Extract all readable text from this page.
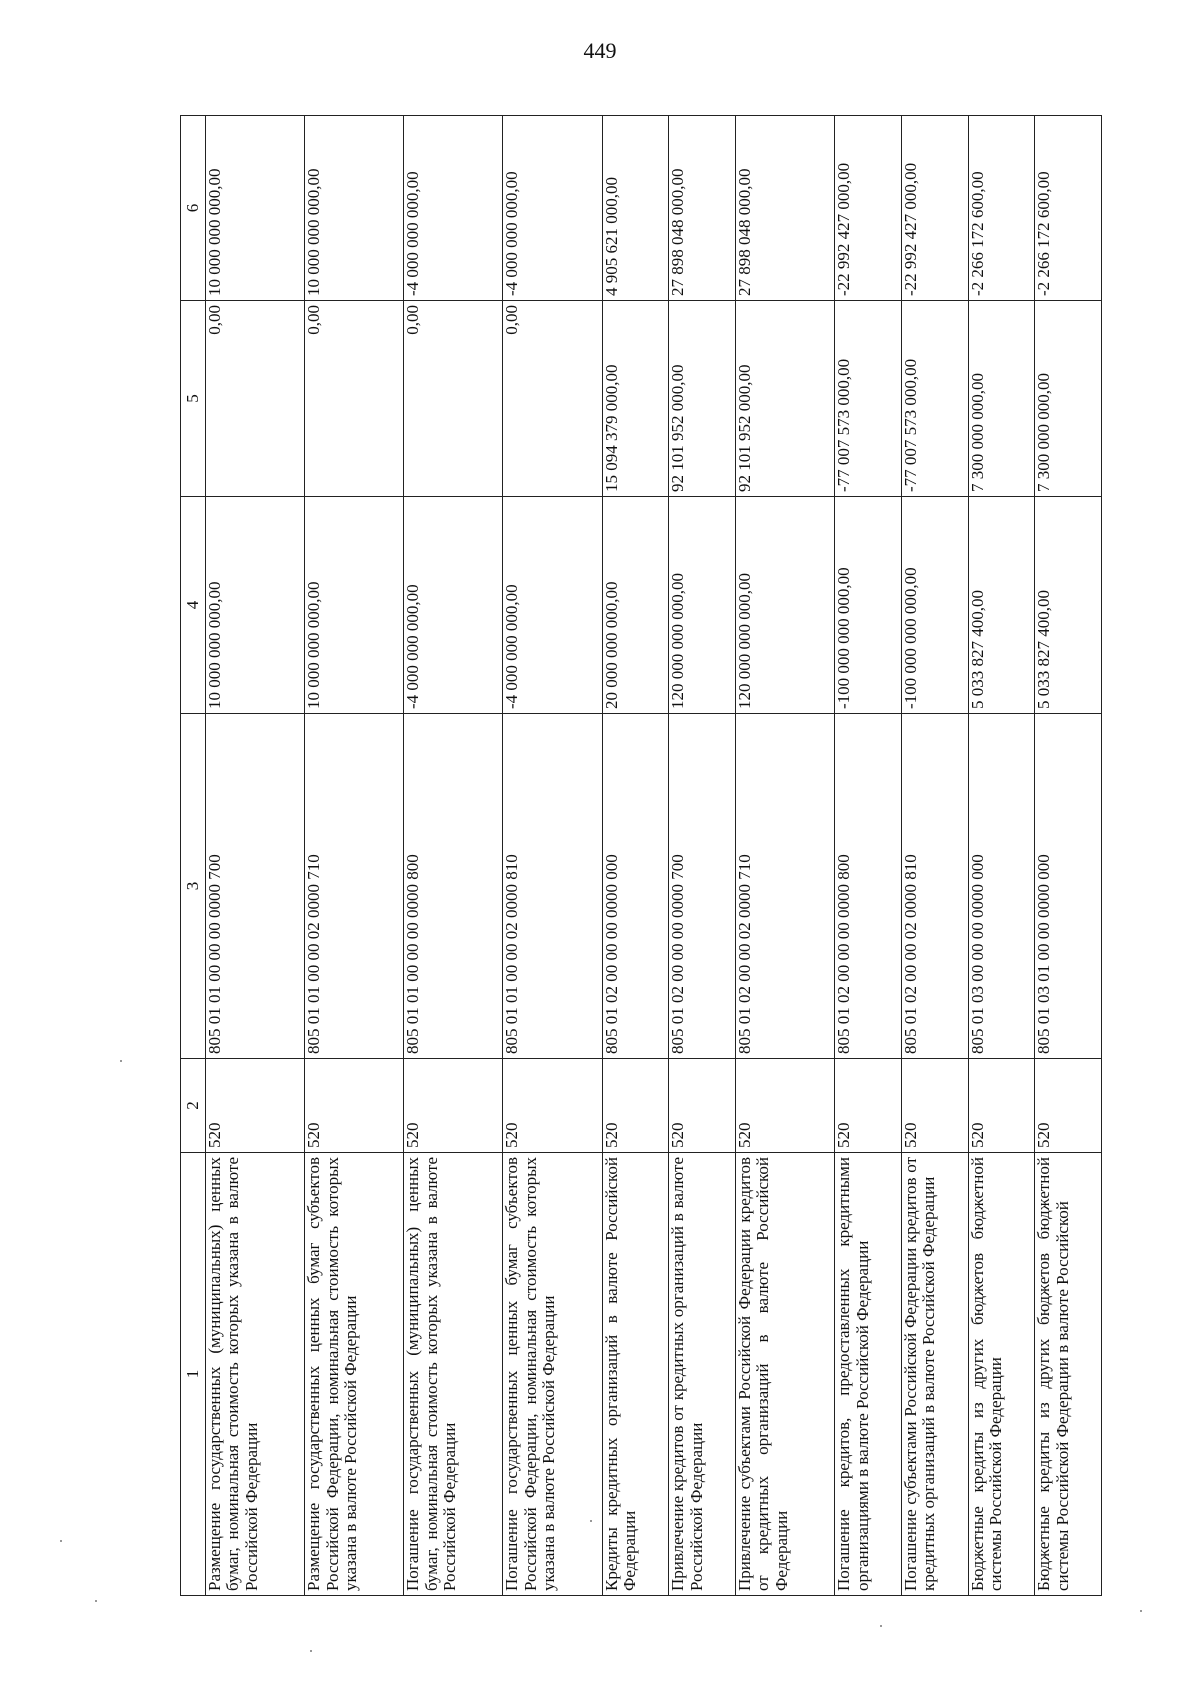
449
1	2	3	4	5	6
Размещение государственных (муниципальных) ценных бумаг, номинальная стоимость которых указана в валюте Российской Федерации	520	805 01 01 00 00 00 0000 700	10 000 000 000,00	0,00	10 000 000 000,00
Размещение государственных ценных бумаг субъектов Российской Федерации, номинальная стоимость которых указана в валюте Российской Федерации	520	805 01 01 00 00 02 0000 710	10 000 000 000,00	0,00	10 000 000 000,00
Погашение государственных (муниципальных) ценных бумаг, номинальная стоимость которых указана в валюте Российской Федерации	520	805 01 01 00 00 00 0000 800	-4 000 000 000,00	0,00	-4 000 000 000,00
Погашение государственных ценных бумаг субъектов Российской Федерации, номинальная стоимость которых указана в валюте Российской Федерации	520	805 01 01 00 00 02 0000 810	-4 000 000 000,00	0,00	-4 000 000 000,00
Кредиты кредитных организаций в валюте Российской Федерации	520	805 01 02 00 00 00 0000 000	20 000 000 000,00	15 094 379 000,00	4 905 621 000,00
Привлечение кредитов от кредитных организаций в валюте Российской Федерации	520	805 01 02 00 00 00 0000 700	120 000 000 000,00	92 101 952 000,00	27 898 048 000,00
Привлечение субъектами Российской Федерации кредитов от кредитных организаций в валюте Российской Федерации	520	805 01 02 00 00 02 0000 710	120 000 000 000,00	92 101 952 000,00	27 898 048 000,00
Погашение кредитов, предоставленных кредитными организациями в валюте Российской Федерации	520	805 01 02 00 00 00 0000 800	-100 000 000 000,00	-77 007 573 000,00	-22 992 427 000,00
Погашение субъектами Российской Федерации кредитов от кредитных организаций в валюте Российской Федерации	520	805 01 02 00 00 02 0000 810	-100 000 000 000,00	-77 007 573 000,00	-22 992 427 000,00
Бюджетные кредиты из других бюджетов бюджетной системы Российской Федерации	520	805 01 03 00 00 00 0000 000	5 033 827 400,00	7 300 000 000,00	-2 266 172 600,00
Бюджетные кредиты из других бюджетов бюджетной системы Российской Федерации в валюте Российской	520	805 01 03 01 00 00 0000 000	5 033 827 400,00	7 300 000 000,00	-2 266 172 600,00
